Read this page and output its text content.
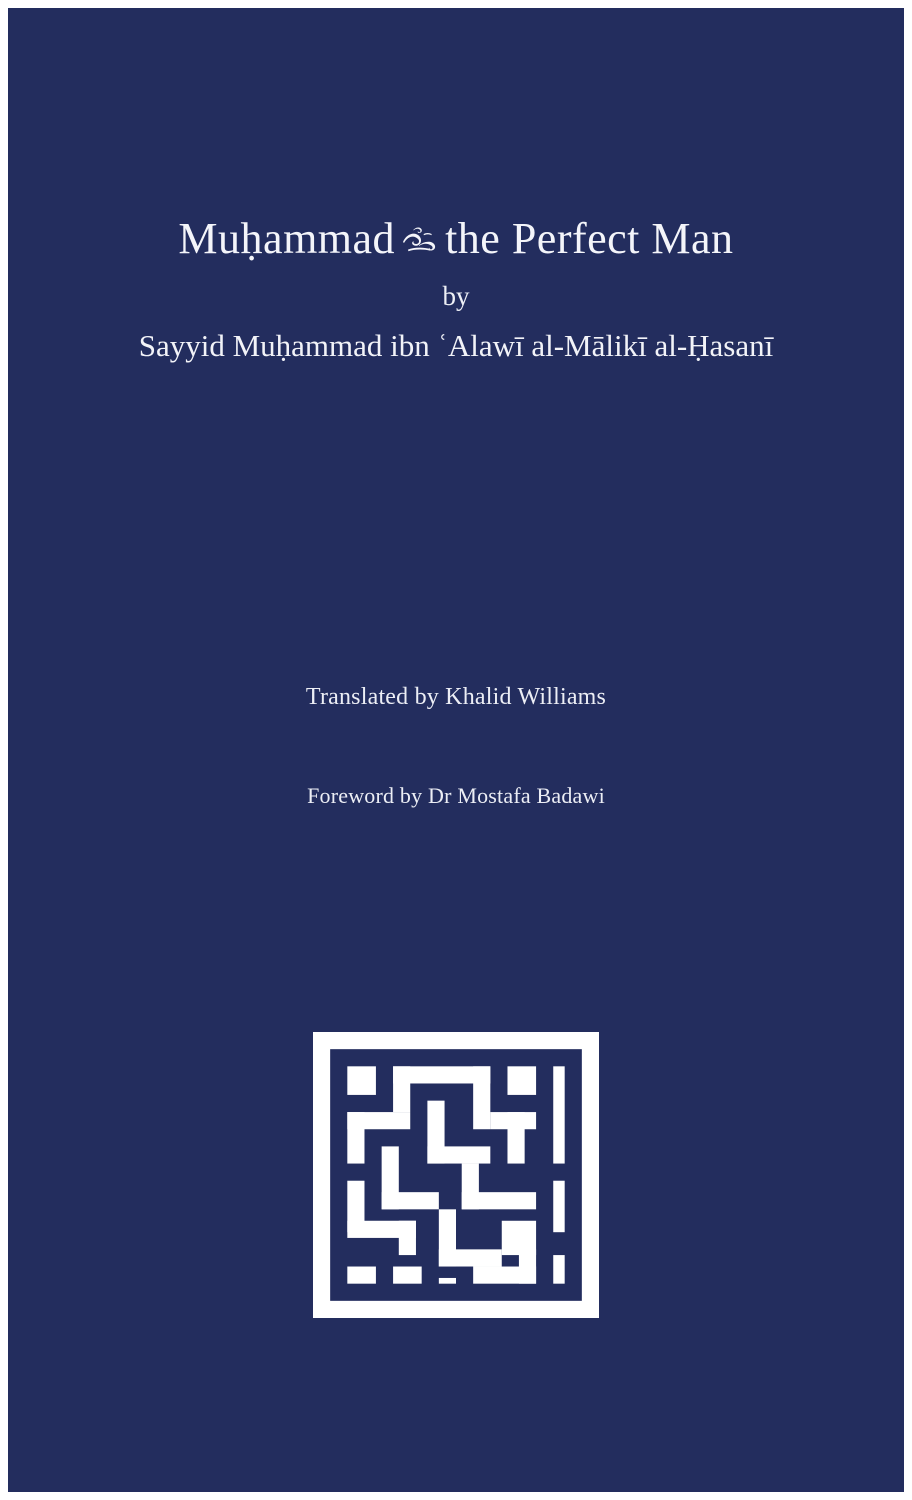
Muḥammad the Perfect Man

by

Sayyid Muḥammad ibn ʿAlawī al-Mālikī al-Ḥasanī

Translated by Khalid Williams

Foreword by Dr Mostafa Badawi
